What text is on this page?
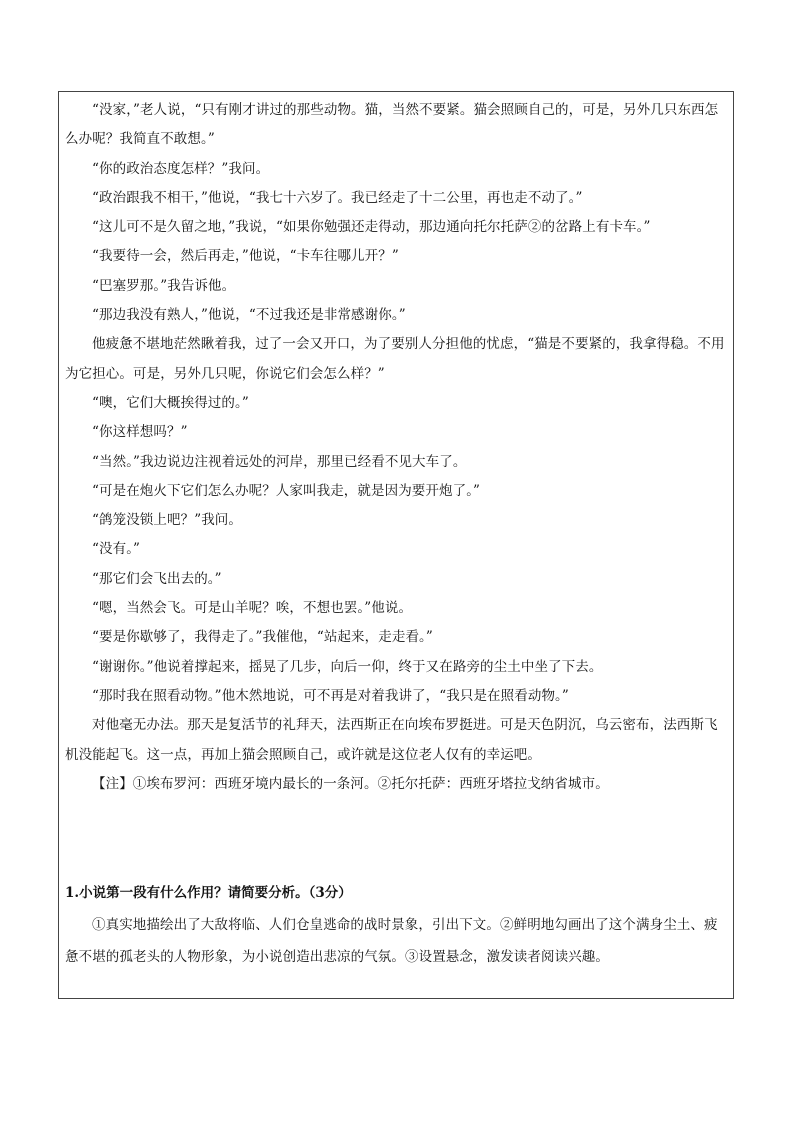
“没家，”老人说，“只有刚才讲过的那些动物。猫，当然不要紧。猫会照顾自己的，可是，另外几只东西怎么办呢？我简直不敢想。”

“你的政治态度怎样？”我问。

“政治跟我不相干，”他说，“我七十六岁了。我已经走了十二公里，再也走不动了。”

“这儿可不是久留之地，”我说，“如果你勉强还走得动，那边通向托尔托萨②的岔路上有卡车。”

“我要待一会，然后再走，”他说，“卡车往哪儿开？”

“巴塞罗那。”我告诉他。

“那边我没有熟人，”他说，“不过我还是非常感谢你。”

他疲惫不堪地茫然瞅着我，过了一会又开口，为了要别人分担他的忧虑，“猫是不要紧的，我拿得稳。不用为它担心。可是，另外几只呢，你说它们会怎么样？”

“噢，它们大概挨得过的。”

“你这样想吗？”

“当然。”我边说边注视着远处的河岸，那里已经看不见大车了。

“可是在炮火下它们怎么办呢？人家叫我走，就是因为要开炮了。”

“鸽笼没锁上吧？”我问。

“没有。”

“那它们会飞出去的。”

“嗯，当然会飞。可是山羊呢？唉，不想也罢。”他说。

“要是你歇够了，我得走了。”我催他，“站起来，走走看。”

“谢谢你。”他说着撑起来，摇晃了几步，向后一仰，终于又在路旁的尘土中坐了下去。

“那时我在照看动物。”他木然地说，可不再是对着我讲了，“我只是在照看动物。”

对他毫无办法。那天是复活节的礼拜天，法西斯正在向埃布罗挺进。可是天色阴沉，乌云密布，法西斯飞机没能起飞。这一点，再加上猫会照顾自己，或许就是这位老人仅有的幸运吧。

【注】①埃布罗河：西班牙境内最长的一条河。②托尔托萨：西班牙塔拉戈纳省城市。

1.小说第一段有什么作用？请简要分析。（3分）

①真实地描绘出了大敌将临、人们仓皇逃命的战时景象，引出下文。②鲜明地勾画出了这个满身尘土、疲惫不堪的孤老头的人物形象，为小说创造出悲凉的气氛。③设置悬念，激发读者阅读兴趣。
